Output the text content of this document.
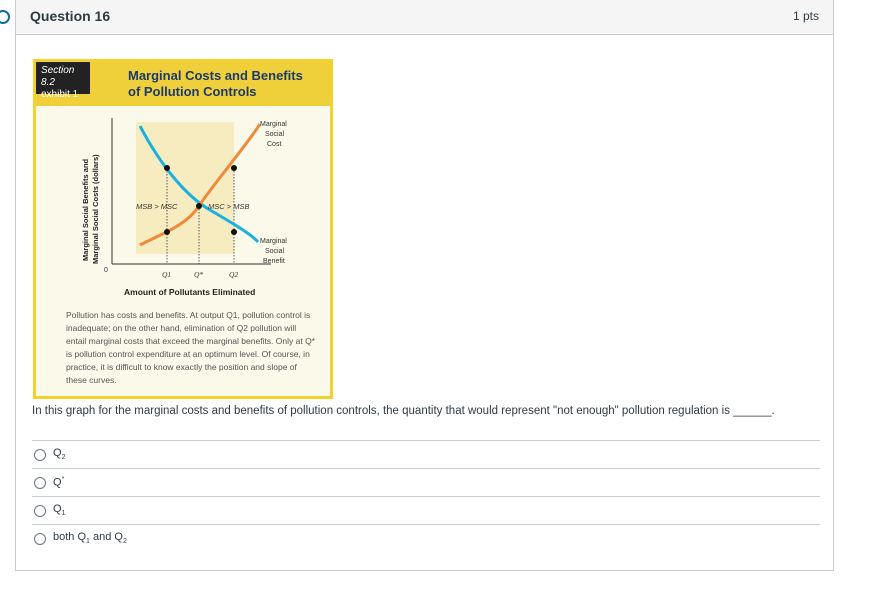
Question 16	1 pts
Section 8.2
exhibit 1
Marginal Costs and Benefits of Pollution Controls
Marginal Social Benefits and Marginal Social Costs (dollars)
0
MSB > MSC	MSC > MSB
Marginal
Social
Cost
Marginal
Social
Benefit
Q1	Q*	Q2
Amount of Pollutants Eliminated
Pollution has costs and benefits. At output Q1, pollution control is inadequate; on the other hand, elimination of Q2 pollution will entail marginal costs that exceed the marginal benefits. Only at Q* is pollution control expenditure at an optimum level. Of course, in practice, it is difficult to know exactly the position and slope of these curves.
In this graph for the marginal costs and benefits of pollution controls, the quantity that would represent "not enough" pollution regulation is ______.
$Q_2$
Q*
$Q_1$
both $Q_1$ and $Q_2$
